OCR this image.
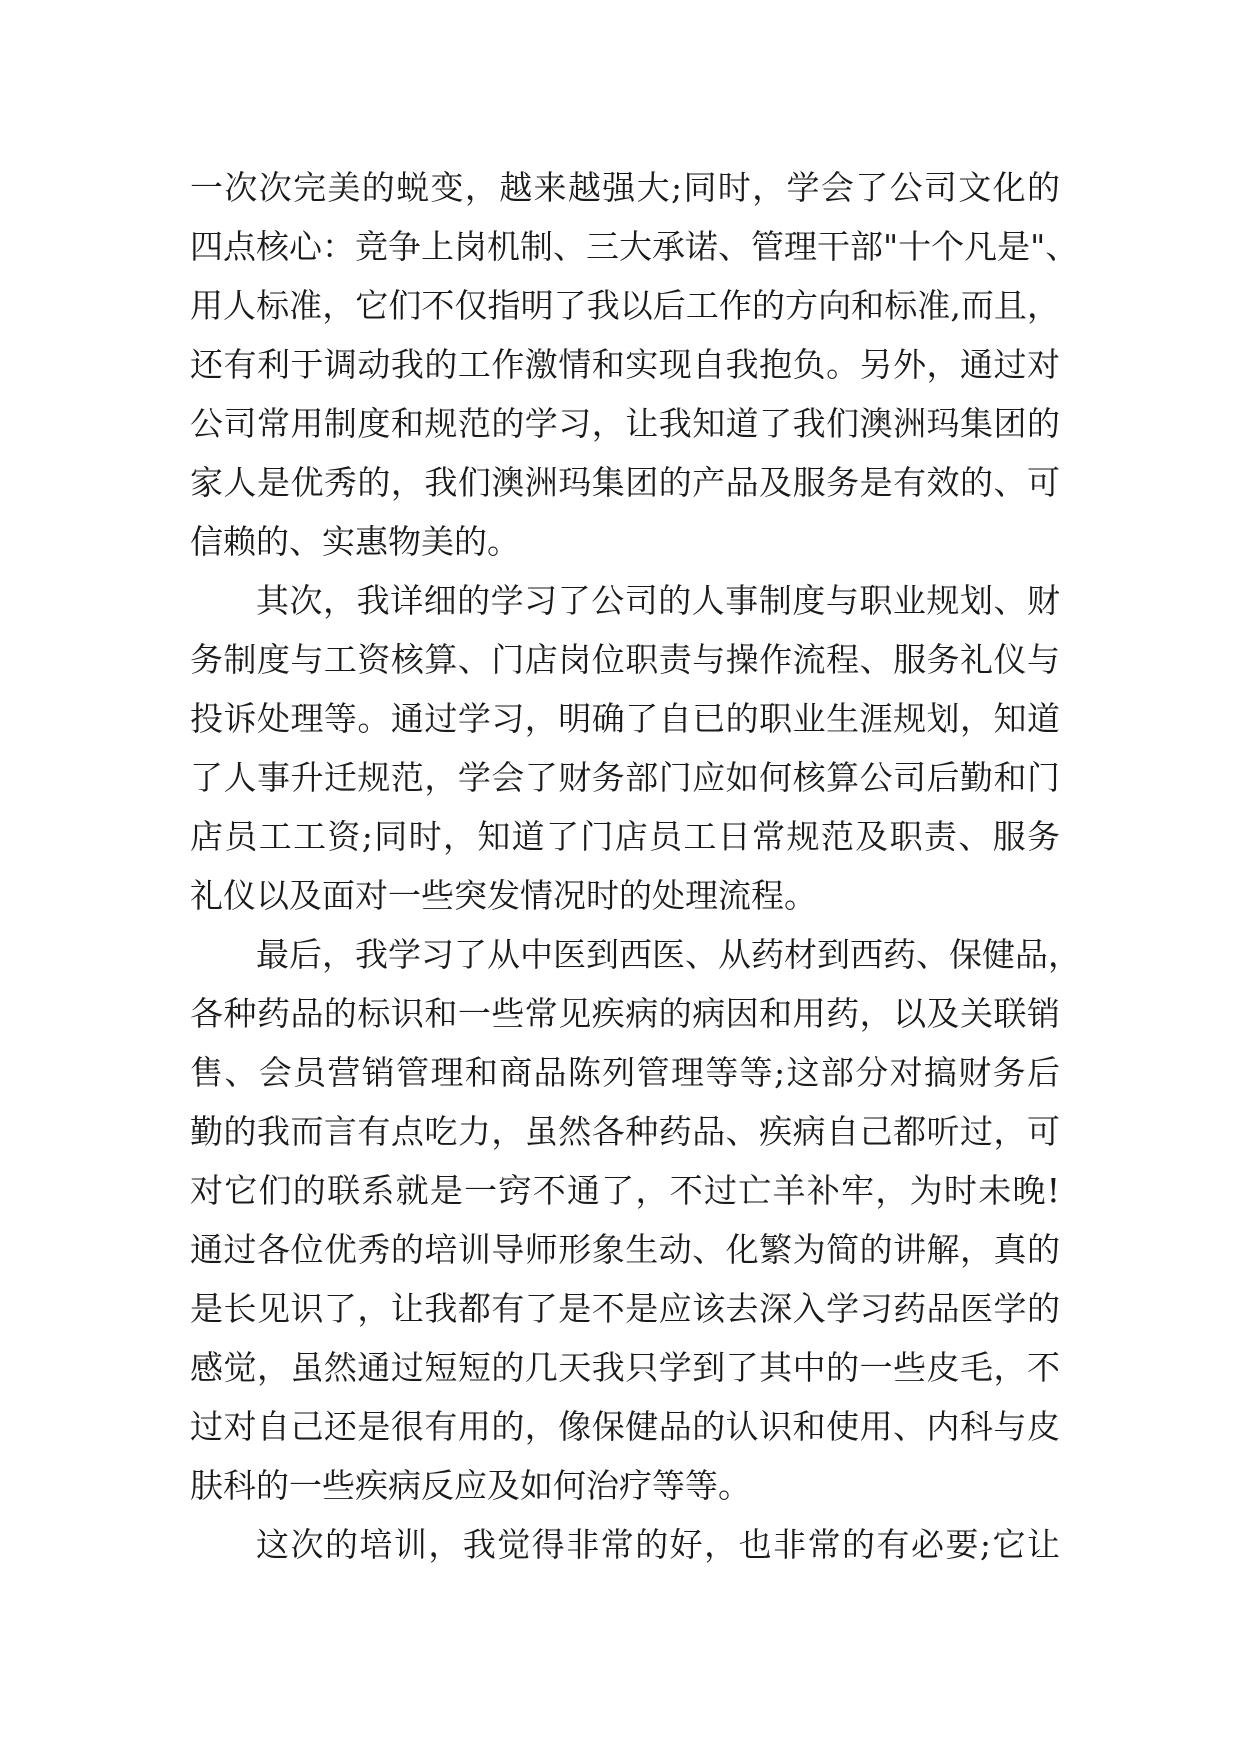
一次次完美的蜕变，越来越强大;同时，学会了公司文化的
四点核心：竞争上岗机制、三大承诺、管理干部"十个凡是"、
用人标准，它们不仅指明了我以后工作的方向和标准,而且，
还有利于调动我的工作激情和实现自我抱负。另外，通过对
公司常用制度和规范的学习，让我知道了我们澳洲玛集团的
家人是优秀的，我们澳洲玛集团的产品及服务是有效的、可
信赖的、实惠物美的。
其次，我详细的学习了公司的人事制度与职业规划、财
务制度与工资核算、门店岗位职责与操作流程、服务礼仪与
投诉处理等。通过学习，明确了自已的职业生涯规划，知道
了人事升迁规范，学会了财务部门应如何核算公司后勤和门
店员工工资;同时，知道了门店员工日常规范及职责、服务
礼仪以及面对一些突发情况时的处理流程。
最后，我学习了从中医到西医、从药材到西药、保健品，
各种药品的标识和一些常见疾病的病因和用药，以及关联销
售、会员营销管理和商品陈列管理等等;这部分对搞财务后
勤的我而言有点吃力，虽然各种药品、疾病自己都听过，可
对它们的联系就是一窍不通了，不过亡羊补牢，为时未晚!
通过各位优秀的培训导师形象生动、化繁为简的讲解，真的
是长见识了，让我都有了是不是应该去深入学习药品医学的
感觉，虽然通过短短的几天我只学到了其中的一些皮毛，不
过对自己还是很有用的，像保健品的认识和使用、内科与皮
肤科的一些疾病反应及如何治疗等等。
这次的培训，我觉得非常的好，也非常的有必要;它让
